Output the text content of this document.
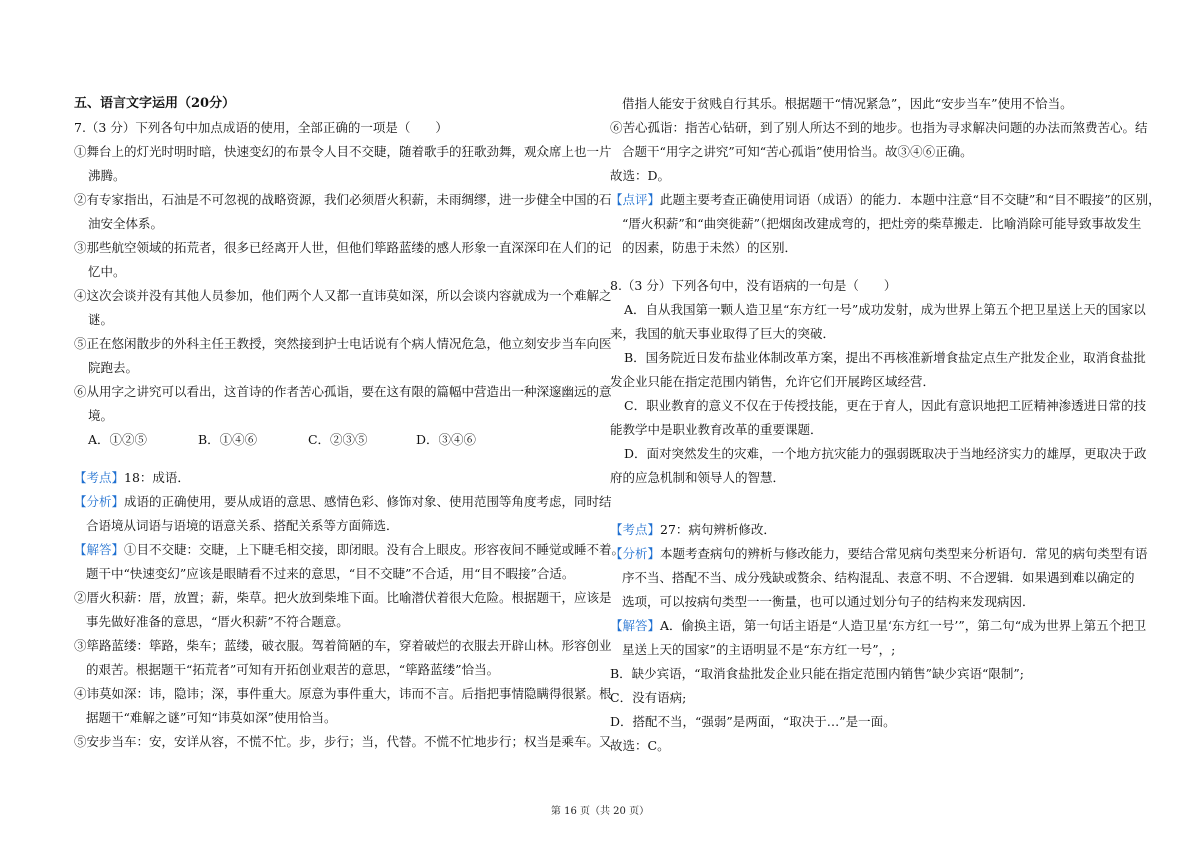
五、语言文字运用（20分）
7.（3 分）下列各句中加点成语的使用，全部正确的一项是（　　）
①舞台上的灯光时明时暗，快速变幻的布景令人目不交睫，随着歌手的狂歌劲舞，观众席上也一片
沸腾。
②有专家指出，石油是不可忽视的战略资源，我们必须厝火积薪，未雨绸缪，进一步健全中国的石
油安全体系。
③那些航空领域的拓荒者，很多已经离开人世，但他们筚路蓝缕的感人形象一直深深印在人们的记
忆中。
④这次会谈并没有其他人员参加，他们两个人又都一直讳莫如深，所以会谈内容就成为一个难解之
谜。
⑤正在悠闲散步的外科主任王教授，突然接到护士电话说有个病人情况危急，他立刻安步当车向医
院跑去。
⑥从用字之讲究可以看出，这首诗的作者苦心孤诣，要在这有限的篇幅中营造出一种深邃幽远的意
境。
A．①②⑤	B．①④⑥	C．②③⑤	D．③④⑥
【考点】18：成语．
【分析】成语的正确使用，要从成语的意思、感情色彩、修饰对象、使用范围等角度考虑，同时结
合语境从词语与语境的语意关系、搭配关系等方面筛选．
【解答】①目不交睫：交睫，上下睫毛相交接，即闭眼。没有合上眼皮。形容夜间不睡觉或睡不着。
题干中“快速变幻”应该是眼睛看不过来的意思，“目不交睫”不合适，用“目不暇接”合适。
②厝火积薪：厝，放置；薪，柴草。把火放到柴堆下面。比喻潜伏着很大危险。根据题干，应该是
事先做好准备的意思，“厝火积薪”不符合题意。
③筚路蓝缕：筚路，柴车；蓝缕，破衣服。驾着简陋的车，穿着破烂的衣服去开辟山林。形容创业
的艰苦。根据题干“拓荒者”可知有开拓创业艰苦的意思，“筚路蓝缕”恰当。
④讳莫如深：讳，隐讳；深，事件重大。原意为事件重大，讳而不言。后指把事情隐瞒得很紧。根
据题干“难解之谜”可知“讳莫如深”使用恰当。
⑤安步当车：安，安详从容，不慌不忙。步，步行；当，代替。不慌不忙地步行；权当是乘车。又
借指人能安于贫贱自行其乐。根据题干“情况紧急”，因此“安步当车”使用不恰当。
⑥苦心孤诣：指苦心钻研，到了别人所达不到的地步。也指为寻求解决问题的办法而煞费苦心。结
合题干“用字之讲究”可知“苦心孤诣”使用恰当。故③④⑥正确。
故选：D。
【点评】此题主要考查正确使用词语（成语）的能力．本题中注意“目不交睫”和“目不暇接”的区别，
“厝火积薪”和“曲突徙薪”（把烟囱改建成弯的，把灶旁的柴草搬走．比喻消除可能导致事故发生
的因素，防患于未然）的区别．
8.（3 分）下列各句中，没有语病的一句是（　　）
A．自从我国第一颗人造卫星“东方红一号”成功发射，成为世界上第五个把卫星送上天的国家以
来，我国的航天事业取得了巨大的突破．
B．国务院近日发布盐业体制改革方案，提出不再核准新增食盐定点生产批发企业，取消食盐批
发企业只能在指定范围内销售，允许它们开展跨区域经营．
C．职业教育的意义不仅在于传授技能，更在于育人，因此有意识地把工匠精神渗透进日常的技
能教学中是职业教育改革的重要课题．
D．面对突然发生的灾难，一个地方抗灾能力的强弱既取决于当地经济实力的雄厚，更取决于政
府的应急机制和领导人的智慧．
【考点】27：病句辨析修改．
【分析】本题考查病句的辨析与修改能力，要结合常见病句类型来分析语句．常见的病句类型有语
序不当、搭配不当、成分残缺或赘余、结构混乱、表意不明、不合逻辑．如果遇到难以确定的
选项，可以按病句类型一一衡量，也可以通过划分句子的结构来发现病因．
【解答】A．偷换主语，第一句话主语是“人造卫星‘东方红一号’”，第二句“成为世界上第五个把卫
星送上天的国家”的主语明显不是“东方红一号”，;
B．缺少宾语，“取消食盐批发企业只能在指定范围内销售”缺少宾语“限制”;
C．没有语病;
D．搭配不当，“强弱”是两面，“取决于…”是一面。
故选：C。
第 16 页（共 20 页）
